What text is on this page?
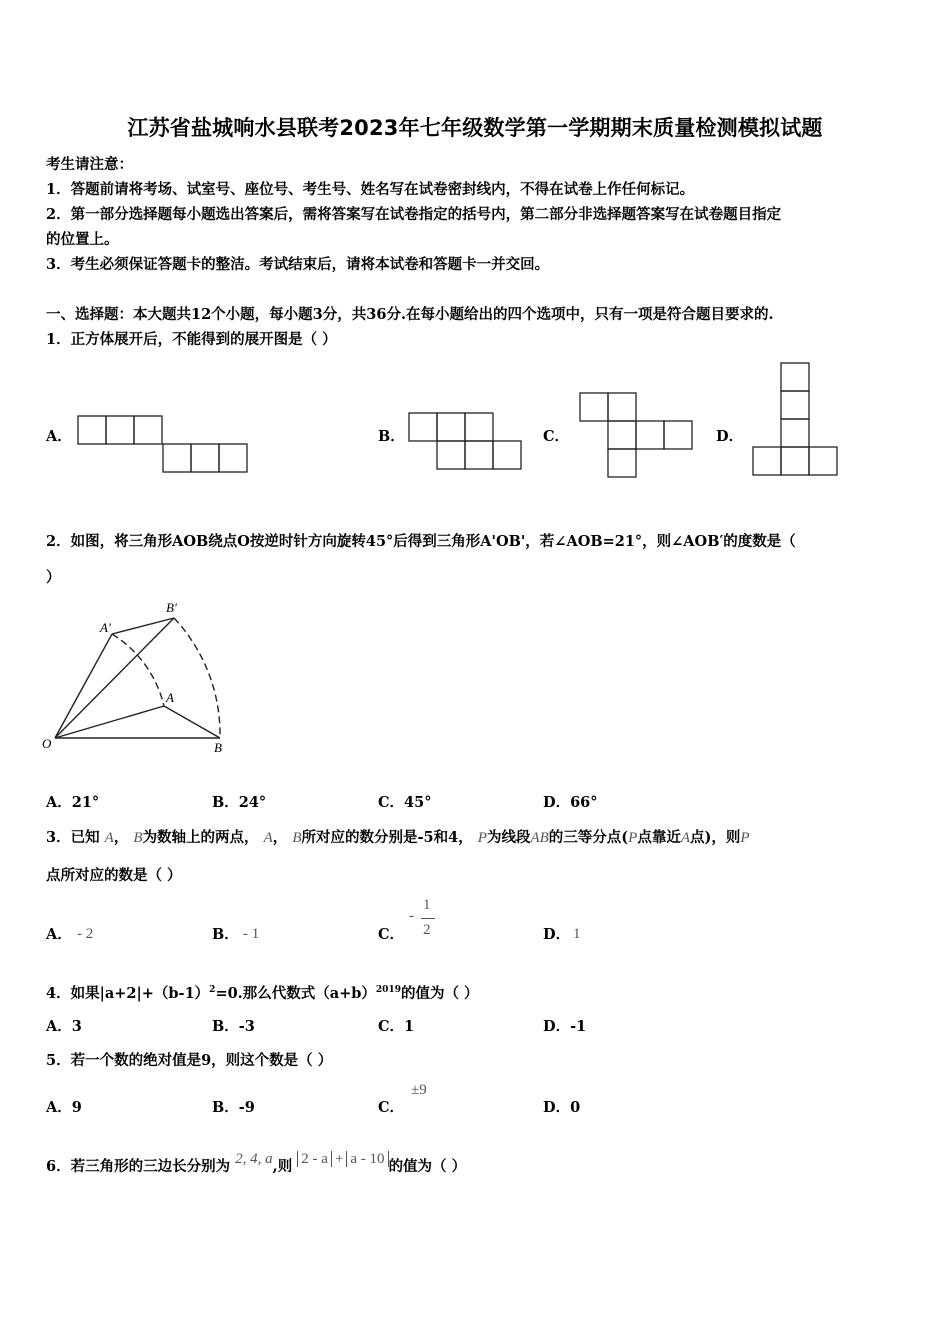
江苏省盐城响水县联考2023年七年级数学第一学期期末质量检测模拟试题
考生请注意：
1．答题前请将考场、试室号、座位号、考生号、姓名写在试卷密封线内，不得在试卷上作任何标记。
2．第一部分选择题每小题选出答案后，需将答案写在试卷指定的括号内，第二部分非选择题答案写在试卷题目指定
的位置上。
3．考生必须保证答题卡的整洁。考试结束后，请将本试卷和答题卡一并交回。
一、选择题：本大题共12个小题，每小题3分，共36分.在每小题给出的四个选项中，只有一项是符合题目要求的.
1．正方体展开后，不能得到的展开图是（ ）
A．	B．	C．	D．
2．如图，将三角形AOB绕点O按逆时针方向旋转45°后得到三角形A'OB'，若∠AOB=21°，则∠AOB′的度数是（
）
O	B
A
A'
B'
A．21°	B．24°	C．45°	D．66°
3．已知 A， B为数轴上的两点， A， B所对应的数分别是-5和4， P为线段AB的三等分点(P点靠近A点)，则P
点所对应的数是（ ）
A． - 2	B． - 1	C．
-
1
2	D． 1
4．如果$|a+2|+(b-1)^2=0$.那么代数式$(a+b)^{2019}$的值为（ ）
A．3	B．-3	C．1	D．-1
5．若一个数的绝对值是9，则这个数是（ ）
A．9	B．-9	C．
±9
D．0
6．若三角形的三边长分别为 2, 4, a,则 2 - a + a - 10 的值为（ ）
